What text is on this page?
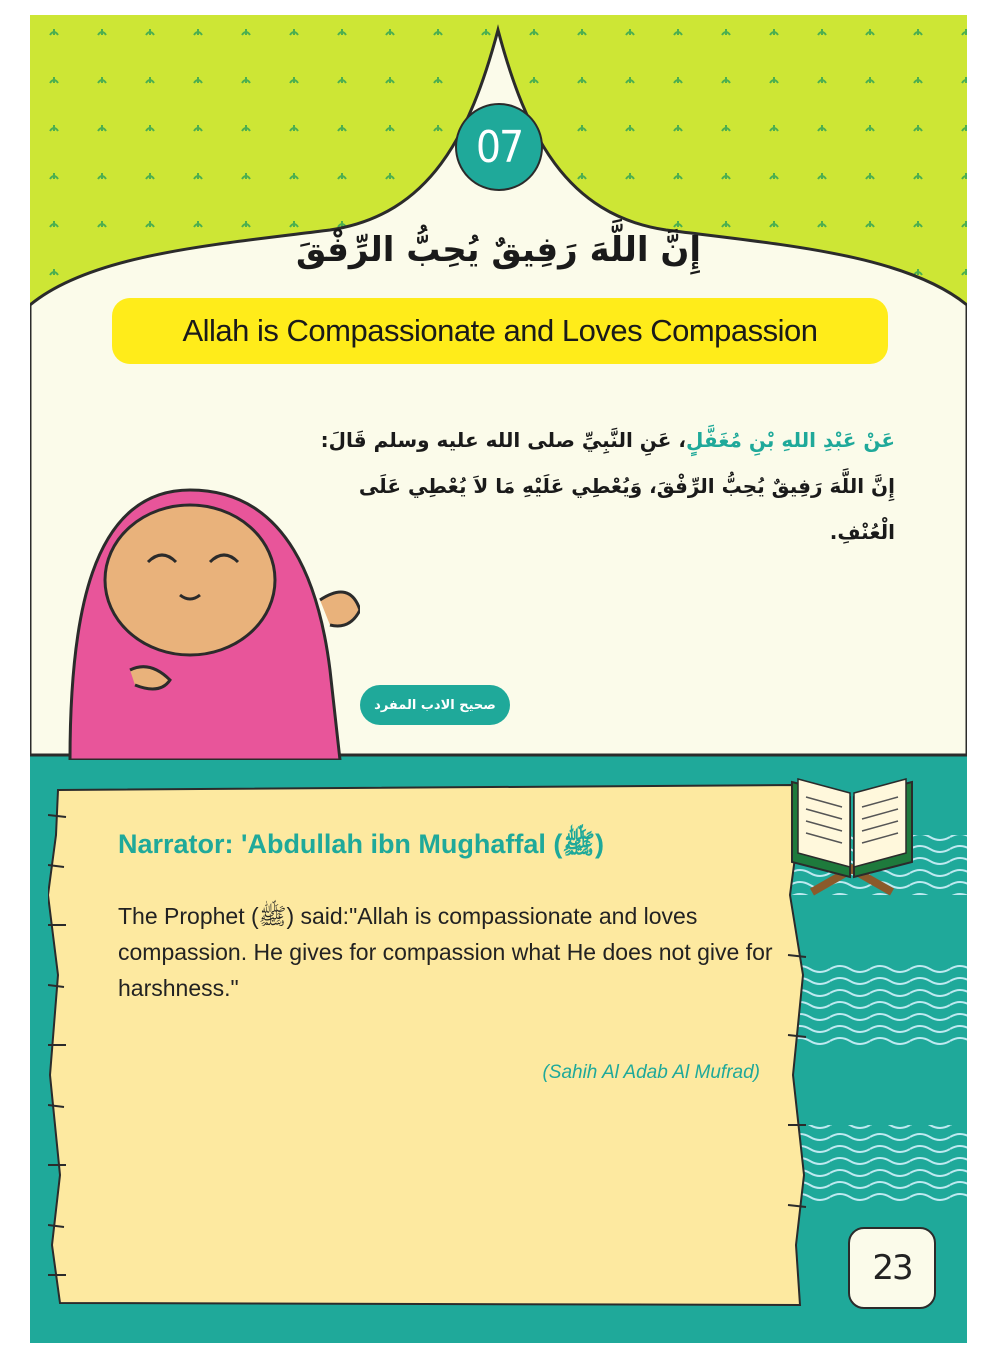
07
إِنَّ اللَّهَ رَفِيقٌ يُحِبُّ الرِّفْقَ
Allah is Compassionate and Loves Compassion
عَنْ عَبْدِ اللهِ بْنِ مُغَفَّلٍ، عَنِ النَّبِيِّ صلى الله عليه وسلم قَالَ:
إِنَّ اللَّهَ رَفِيقٌ يُحِبُّ الرِّفْقَ، وَيُعْطِي عَلَيْهِ مَا لاَ يُعْطِي عَلَى الْعُنْفِ.
صحيح الادب المفرد
Narrator: 'Abdullah ibn Mughaffal (ﷺ)
The Prophet (ﷺ) said:"Allah is compassionate and loves compassion. He gives for compassion what He does not give for harshness."
(Sahih Al Adab Al Mufrad)
23
